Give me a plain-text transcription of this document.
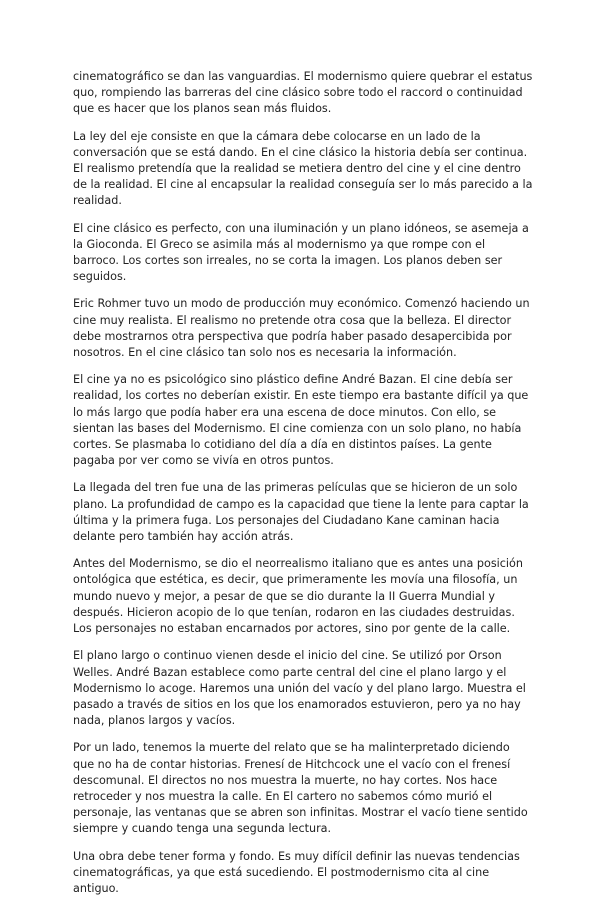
cinematográfico se dan las vanguardias. El modernismo quiere quebrar el estatus quo, rompiendo las barreras del cine clásico sobre todo el raccord o continuidad que es hacer que los planos sean más fluidos.

La ley del eje consiste en que la cámara debe colocarse en un lado de la conversación que se está dando. En el cine clásico la historia debía ser continua. El realismo pretendía que la realidad se metiera dentro del cine y el cine dentro de la realidad. El cine al encapsular la realidad conseguía ser lo más parecido a la realidad.

El cine clásico es perfecto, con una iluminación y un plano idóneos, se asemeja a la Gioconda. El Greco se asimila más al modernismo ya que rompe con el barroco. Los cortes son irreales, no se corta la imagen. Los planos deben ser seguidos.

Eric Rohmer tuvo un modo de producción muy económico. Comenzó haciendo un cine muy realista. El realismo no pretende otra cosa que la belleza. El director debe mostrarnos otra perspectiva que podría haber pasado desapercibida por nosotros. En el cine clásico tan solo nos es necesaria la información.

El cine ya no es psicológico sino plástico define André Bazan. El cine debía ser realidad, los cortes no deberían existir. En este tiempo era bastante difícil ya que lo más largo que podía haber era una escena de doce minutos. Con ello, se sientan las bases del Modernismo. El cine comienza con un solo plano, no había cortes. Se plasmaba lo cotidiano del día a día en distintos países. La gente pagaba por ver como se vivía en otros puntos.

La llegada del tren fue una de las primeras películas que se hicieron de un solo plano. La profundidad de campo es la capacidad que tiene la lente para captar la última y la primera fuga. Los personajes del Ciudadano Kane caminan hacia delante pero también hay acción atrás.

Antes del Modernismo, se dio el neorrealismo italiano que es antes una posición ontológica que estética, es decir, que primeramente les movía una filosofía, un mundo nuevo y mejor, a pesar de que se dio durante la II Guerra Mundial y después. Hicieron acopio de lo que tenían, rodaron en las ciudades destruidas. Los personajes no estaban encarnados por actores, sino por gente de la calle.

El plano largo o continuo vienen desde el inicio del cine. Se utilizó por Orson Welles. André Bazan establece como parte central del cine el plano largo y el Modernismo lo acoge. Haremos una unión del vacío y del plano largo. Muestra el pasado a través de sitios en los que los enamorados estuvieron, pero ya no hay nada, planos largos y vacíos.

Por un lado, tenemos la muerte del relato que se ha malinterpretado diciendo que no ha de contar historias. Frenesí de Hitchcock une el vacío con el frenesí descomunal. El directos no nos muestra la muerte, no hay cortes. Nos hace retroceder y nos muestra la calle. En El cartero no sabemos cómo murió el personaje, las ventanas que se abren son infinitas. Mostrar el vacío tiene sentido siempre y cuando tenga una segunda lectura.

Una obra debe tener forma y fondo. Es muy difícil definir las nuevas tendencias cinematográficas, ya que está sucediendo. El postmodernismo cita al cine antiguo.
